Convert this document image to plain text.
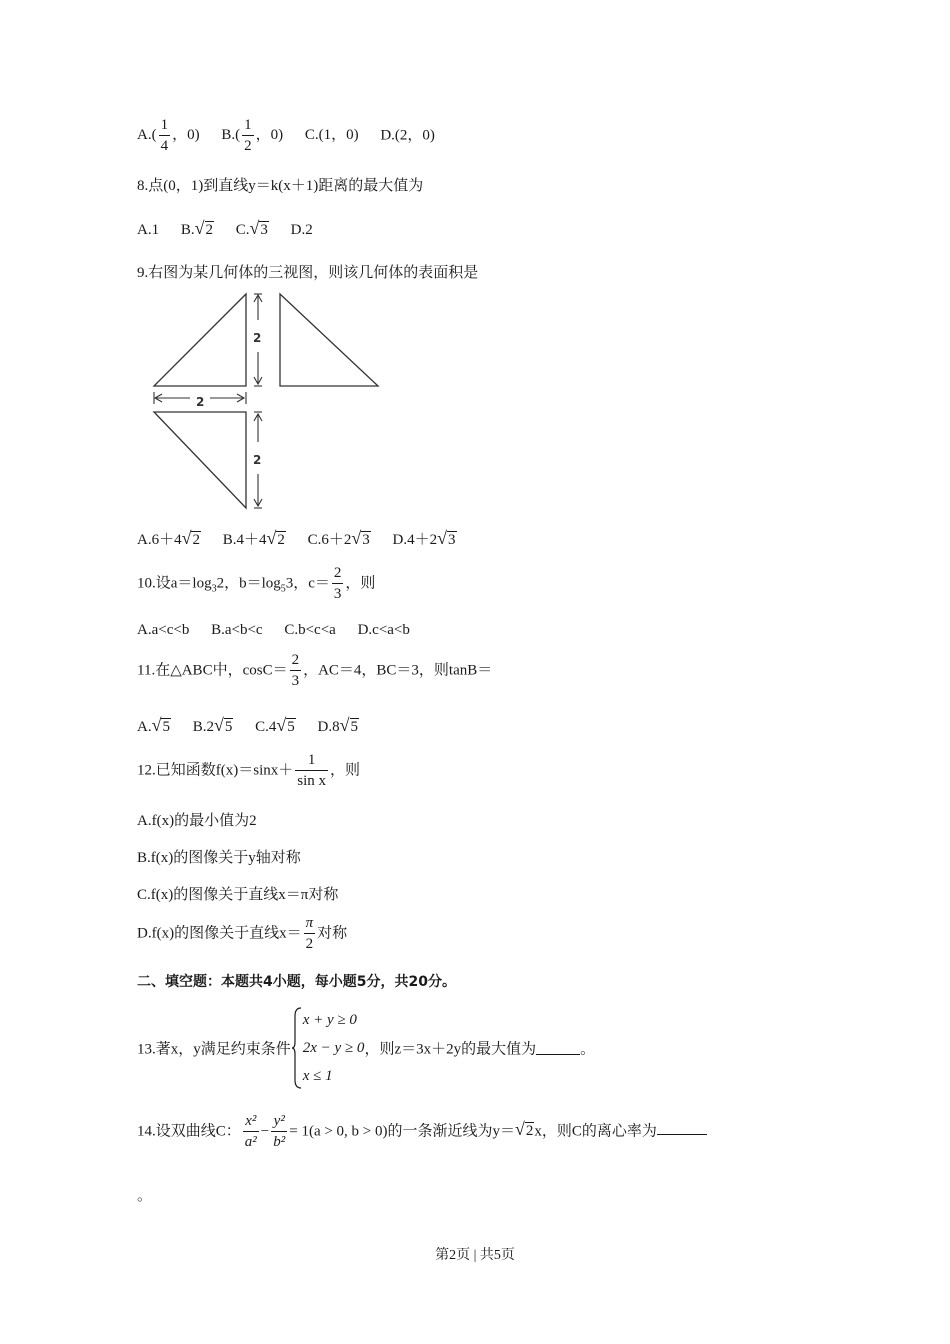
$A.( \frac{1}{4}$ ，0) $B.( \frac{1}{2}$ ，0) C.(1，0) D.(2，0)
8.点(0，1)到直线y＝k(x＋1)距离的最大值为
A.1 B.√2 C.√3 D.2
9.右图为某几何体的三视图，则该几何体的表面积是
2
2
2
A.6＋4√2 B.4＋4√2 C.6＋2√3 D.4＋2√3
10.设$a=\log_32$，$b=\log_53$，$c= \frac{2}{3}$ ，则
A.a<c<b B.a<b<c C.b<c<a D.c<a<b
11.在△ABC中，$\cos C= \frac{2}{3}$ ，AC＝4，BC＝3，则tanB＝
A.√5 B.2√5 C.4√5 D.8√5
12.已知函数$f(x)=\sin x+ \frac{1}{\text{sin x}}$ ，则
A.f(x)的最小值为2
B.f(x)的图像关于y轴对称
C.f(x)的图像关于直线x＝π对称
D.f(x)的图像关于直线$x= \frac{\pi}{2}$ 对称
二、填空题：本题共4小题，每小题5分，共20分。
13.著x，y满足约束条件
x + y ≥ 0
2x − y ≥ 0
x ≤ 1
，则z＝3x＋2y的最大值为	。
14.设双曲线C： $\frac{\text{x²}}{\text{a²}} - \frac{\text{y²}}{\text{b²}} = 1(a > 0$, b > 0)的一条渐近线为y＝√2x，则C的离心率为
。
第2页 | 共5页
